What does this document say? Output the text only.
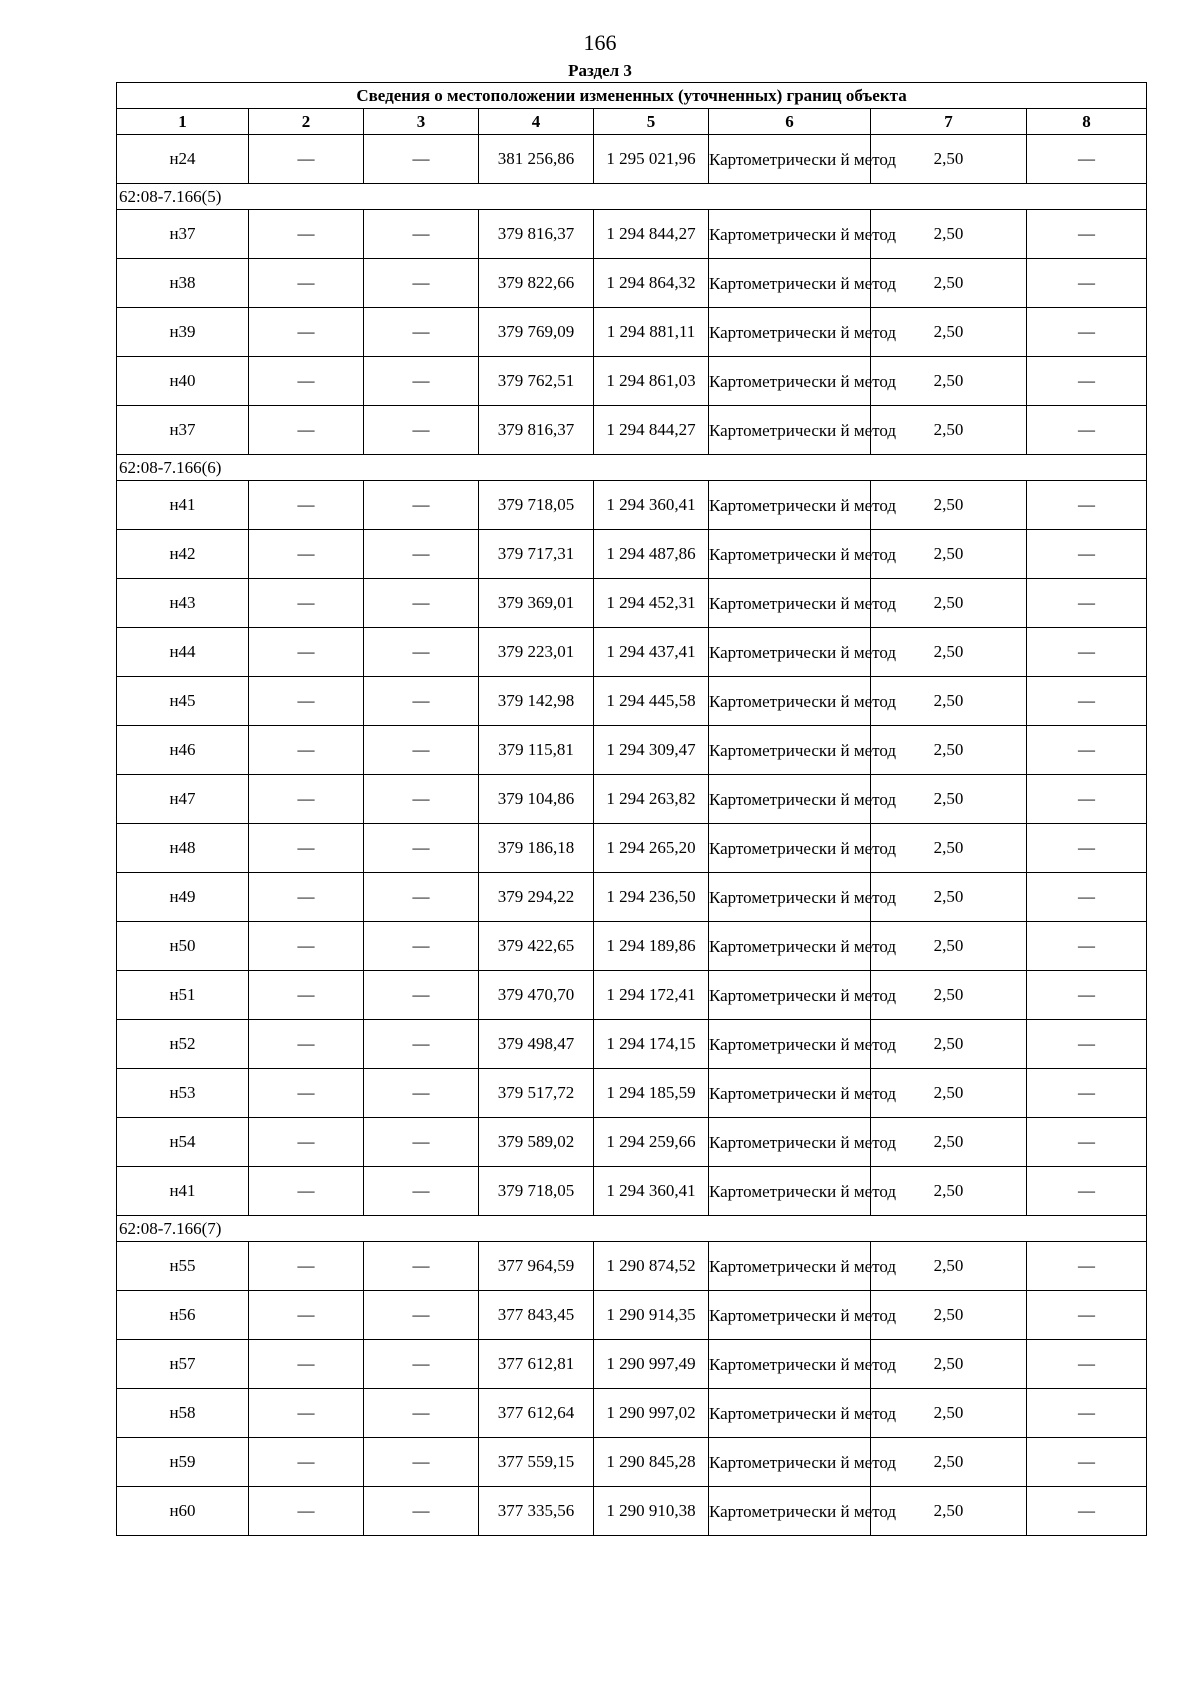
166
Раздел 3
Сведения о местоположении измененных (уточненных) границ объекта							
1	2	3	4	5	6	7	8
н24	—	—	381 256,86	1 295 021,96	Картометрически й метод	2,50	—
62:08-7.166(5)							
н37	—	—	379 816,37	1 294 844,27	Картометрически й метод	2,50	—
н38	—	—	379 822,66	1 294 864,32	Картометрически й метод	2,50	—
н39	—	—	379 769,09	1 294 881,11	Картометрически й метод	2,50	—
н40	—	—	379 762,51	1 294 861,03	Картометрически й метод	2,50	—
н37	—	—	379 816,37	1 294 844,27	Картометрически й метод	2,50	—
62:08-7.166(6)							
н41	—	—	379 718,05	1 294 360,41	Картометрически й метод	2,50	—
н42	—	—	379 717,31	1 294 487,86	Картометрически й метод	2,50	—
н43	—	—	379 369,01	1 294 452,31	Картометрически й метод	2,50	—
н44	—	—	379 223,01	1 294 437,41	Картометрически й метод	2,50	—
н45	—	—	379 142,98	1 294 445,58	Картометрически й метод	2,50	—
н46	—	—	379 115,81	1 294 309,47	Картометрически й метод	2,50	—
н47	—	—	379 104,86	1 294 263,82	Картометрически й метод	2,50	—
н48	—	—	379 186,18	1 294 265,20	Картометрически й метод	2,50	—
н49	—	—	379 294,22	1 294 236,50	Картометрически й метод	2,50	—
н50	—	—	379 422,65	1 294 189,86	Картометрически й метод	2,50	—
н51	—	—	379 470,70	1 294 172,41	Картометрически й метод	2,50	—
н52	—	—	379 498,47	1 294 174,15	Картометрически й метод	2,50	—
н53	—	—	379 517,72	1 294 185,59	Картометрически й метод	2,50	—
н54	—	—	379 589,02	1 294 259,66	Картометрически й метод	2,50	—
н41	—	—	379 718,05	1 294 360,41	Картометрически й метод	2,50	—
62:08-7.166(7)							
н55	—	—	377 964,59	1 290 874,52	Картометрически й метод	2,50	—
н56	—	—	377 843,45	1 290 914,35	Картометрически й метод	2,50	—
н57	—	—	377 612,81	1 290 997,49	Картометрически й метод	2,50	—
н58	—	—	377 612,64	1 290 997,02	Картометрически й метод	2,50	—
н59	—	—	377 559,15	1 290 845,28	Картометрически й метод	2,50	—
н60	—	—	377 335,56	1 290 910,38	Картометрически й метод	2,50	—
